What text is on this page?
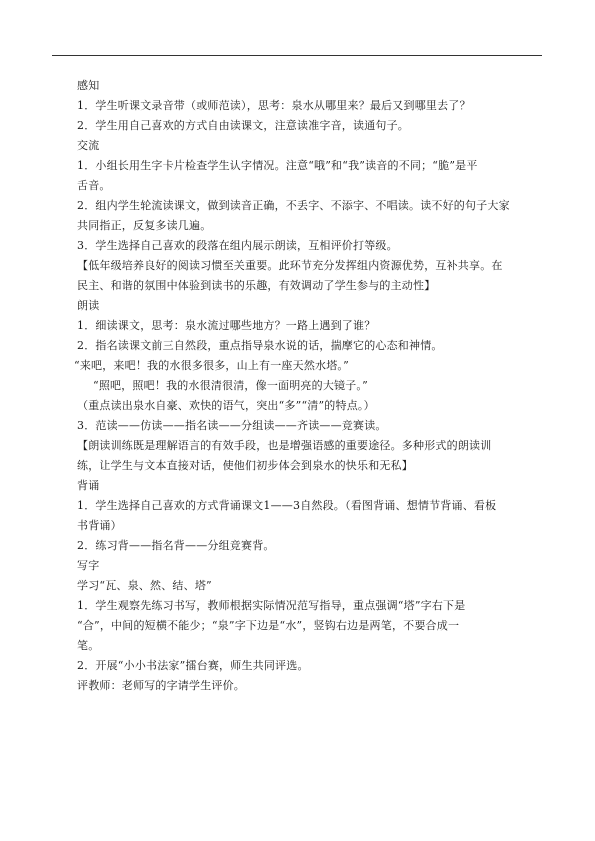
感知
1．学生听课文录音带（或师范读），思考：泉水从哪里来？最后又到哪里去了？
2．学生用自己喜欢的方式自由读课文，注意读准字音，读通句子。
交流
1．小组长用生字卡片检查学生认字情况。注意“哦”和“我”读音的不同；“脆”是平
舌音。
2．组内学生轮流读课文，做到读音正确，不丢字、不添字、不唱读。读不好的句子大家
共同指正，反复多读几遍。
3．学生选择自己喜欢的段落在组内展示朗读，互相评价打等级。
【低年级培养良好的阅读习惯至关重要。此环节充分发挥组内资源优势，互补共享。在
民主、和谐的氛围中体验到读书的乐趣，有效调动了学生参与的主动性】
朗读
1．细读课文，思考：泉水流过哪些地方？一路上遇到了谁？
2．指名读课文前三自然段，重点指导泉水说的话，揣摩它的心态和神情。
“来吧，来吧！我的水很多很多，山上有一座天然水塔。”
“照吧，照吧！我的水很清很清，像一面明亮的大镜子。”
（重点读出泉水自豪、欢快的语气，突出“多”“清”的特点。）
3．范读——仿读——指名读——分组读——齐读——竞赛读。
【朗读训练既是理解语言的有效手段，也是增强语感的重要途径。多种形式的朗读训
练，让学生与文本直接对话，使他们初步体会到泉水的快乐和无私】
背诵
1．学生选择自己喜欢的方式背诵课文1——3自然段。（看图背诵、想情节背诵、看板
书背诵）
2．练习背——指名背——分组竞赛背。
写字
学习“瓦、泉、然、结、塔”
1．学生观察先练习书写，教师根据实际情况范写指导，重点强调“塔”字右下是
“合”，中间的短横不能少；“泉”字下边是“水”，竖钩右边是两笔，不要合成一
笔。
2．开展“小小书法家”擂台赛，师生共同评选。
评教师：老师写的字请学生评价。
